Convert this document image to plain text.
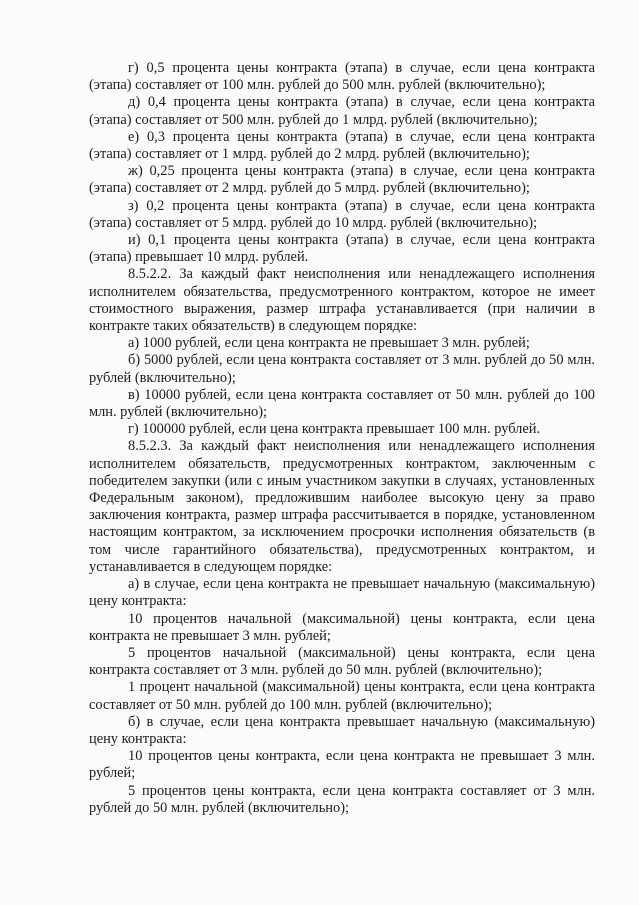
г) 0,5 процента цены контракта (этапа) в случае, если цена контракта (этапа) составляет от 100 млн. рублей до 500 млн. рублей (включительно);

д) 0,4 процента цены контракта (этапа) в случае, если цена контракта (этапа) составляет от 500 млн. рублей до 1 млрд. рублей (включительно);

е) 0,3 процента цены контракта (этапа) в случае, если цена контракта (этапа) составляет от 1 млрд. рублей до 2 млрд. рублей (включительно);

ж) 0,25 процента цены контракта (этапа) в случае, если цена контракта (этапа) составляет от 2 млрд. рублей до 5 млрд. рублей (включительно);

з) 0,2 процента цены контракта (этапа) в случае, если цена контракта (этапа) составляет от 5 млрд. рублей до 10 млрд. рублей (включительно);

и) 0,1 процента цены контракта (этапа) в случае, если цена контракта (этапа) превышает 10 млрд. рублей.

8.5.2.2. За каждый факт неисполнения или ненадлежащего исполнения исполнителем обязательства, предусмотренного контрактом, которое не имеет стоимостного выражения, размер штрафа устанавливается (при наличии в контракте таких обязательств) в следующем порядке:

а) 1000 рублей, если цена контракта не превышает 3 млн. рублей;

б) 5000 рублей, если цена контракта составляет от 3 млн. рублей до 50 млн. рублей (включительно);

в) 10000 рублей, если цена контракта составляет от 50 млн. рублей до 100 млн. рублей (включительно);

г) 100000 рублей, если цена контракта превышает 100 млн. рублей.

8.5.2.3. За каждый факт неисполнения или ненадлежащего исполнения исполнителем обязательств, предусмотренных контрактом, заключенным с победителем закупки (или с иным участником закупки в случаях, установленных Федеральным законом), предложившим наиболее высокую цену за право заключения контракта, размер штрафа рассчитывается в порядке, установленном настоящим контрактом, за исключением просрочки исполнения обязательств (в том числе гарантийного обязательства), предусмотренных контрактом, и устанавливается в следующем порядке:

а) в случае, если цена контракта не превышает начальную (максимальную) цену контракта:

10 процентов начальной (максимальной) цены контракта, если цена контракта не превышает 3 млн. рублей;

5 процентов начальной (максимальной) цены контракта, если цена контракта составляет от 3 млн. рублей до 50 млн. рублей (включительно);

1 процент начальной (максимальной) цены контракта, если цена контракта составляет от 50 млн. рублей до 100 млн. рублей (включительно);

б) в случае, если цена контракта превышает начальную (максимальную) цену контракта:

10 процентов цены контракта, если цена контракта не превышает 3 млн. рублей;

5 процентов цены контракта, если цена контракта составляет от 3 млн. рублей до 50 млн. рублей (включительно);
